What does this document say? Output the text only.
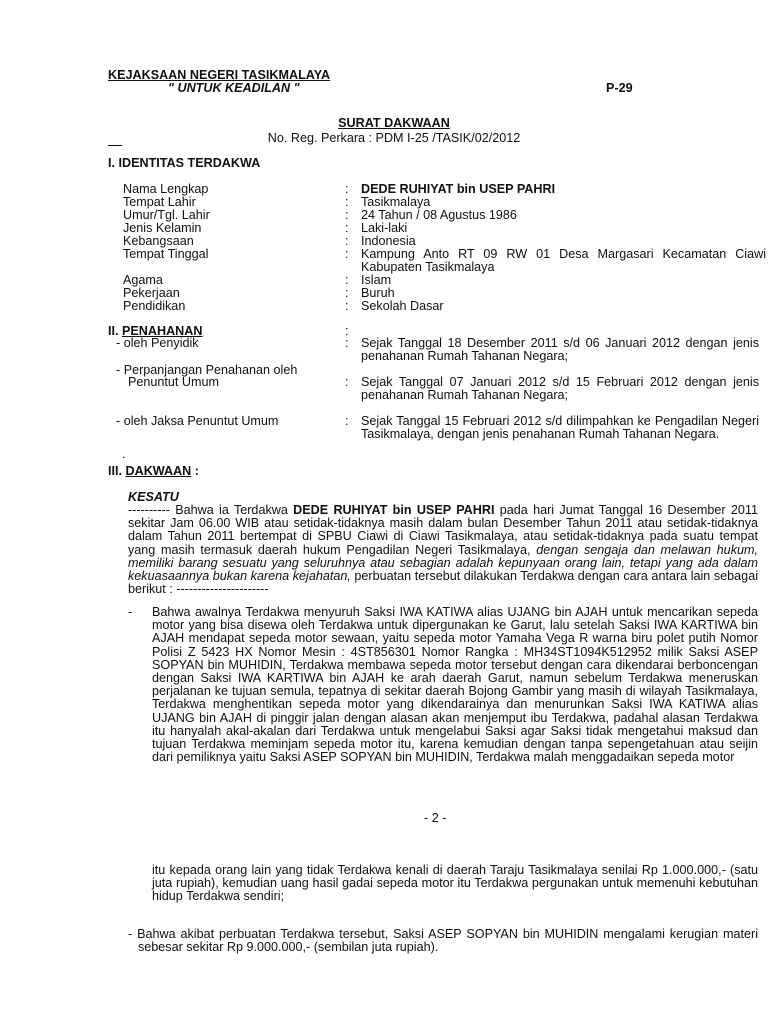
KEJAKSAAN NEGERI TASIKMALAYA
" UNTUK KEADILAN "	P-29
SURAT DAKWAAN
No. Reg. Perkara : PDM I-25 /TASIK/02/2012
I. IDENTITAS TERDAKWA
Nama Lengkap	: DEDE RUHIYAT bin USEP PAHRI
Tempat Lahir	: Tasikmalaya
Umur/Tgl. Lahir	: 24 Tahun / 08 Agustus 1986
Jenis Kelamin	: Laki-laki
Kebangsaan	: Indonesia
Tempat Tinggal	: Kampung Anto RT 09 RW 01 Desa Margasari Kecamatan Ciawi Kabupaten Tasikmalaya
Agama	: Islam
Pekerjaan	: Buruh
Pendidikan	: Sekolah Dasar
II. PENAHANAN	:
- oleh Penyidik	: Sejak Tanggal 18 Desember 2011 s/d 06 Januari 2012 dengan jenis penahanan Rumah Tahanan Negara;
- Perpanjangan Penahanan oleh
Penuntut Umum	: Sejak Tanggal 07 Januari 2012 s/d 15 Februari 2012 dengan jenis penahanan Rumah Tahanan Negara;
- oleh Jaksa Penuntut Umum	: Sejak Tanggal 15 Februari 2012 s/d dilimpahkan ke Pengadilan Negeri Tasikmalaya, dengan jenis penahanan Rumah Tahanan Negara.
.
III. DAKWAAN :
KESATU
---------- Bahwa ia Terdakwa DEDE RUHIYAT bin USEP PAHRI pada hari Jumat Tanggal 16 Desember 2011 sekitar Jam 06.00 WIB atau setidak-tidaknya masih dalam bulan Desember Tahun 2011 atau setidak-tidaknya dalam Tahun 2011 bertempat di SPBU Ciawi di Ciawi Tasikmalaya, atau setidak-tidaknya pada suatu tempat yang masih termasuk daerah hukum Pengadilan Negeri Tasikmalaya, dengan sengaja dan melawan hukum, memiliki barang sesuatu yang seluruhnya atau sebagian adalah kepunyaan orang lain, tetapi yang ada dalam kekuasaannya bukan karena kejahatan, perbuatan tersebut dilakukan Terdakwa dengan cara antara lain sebagai berikut : ----------------------
- Bahwa awalnya Terdakwa menyuruh Saksi IWA KATIWA alias UJANG bin AJAH untuk mencarikan sepeda motor yang bisa disewa oleh Terdakwa untuk dipergunakan ke Garut, lalu setelah Saksi IWA KARTIWA bin AJAH mendapat sepeda motor sewaan, yaitu sepeda motor Yamaha Vega R warna biru polet putih Nomor Polisi Z 5423 HX Nomor Mesin : 4ST856301 Nomor Rangka : MH34ST1094K512952 milik Saksi ASEP SOPYAN bin MUHIDIN, Terdakwa membawa sepeda motor tersebut dengan cara dikendarai berboncengan dengan Saksi IWA KARTIWA bin AJAH ke arah daerah Garut, namun sebelum Terdakwa meneruskan perjalanan ke tujuan semula, tepatnya di sekitar daerah Bojong Gambir yang masih di wilayah Tasikmalaya, Terdakwa menghentikan sepeda motor yang dikendarainya dan menurunkan Saksi IWA KATIWA alias UJANG bin AJAH di pinggir jalan dengan alasan akan menjemput ibu Terdakwa, padahal alasan Terdakwa itu hanyalah akal-akalan dari Terdakwa untuk mengelabui Saksi agar Saksi tidak mengetahui maksud dan tujuan Terdakwa meminjam sepeda motor itu, karena kemudian dengan tanpa sepengetahuan atau seijin dari pemiliknya yaitu Saksi ASEP SOPYAN bin MUHIDIN, Terdakwa malah menggadaikan sepeda motor
- 2 -
itu kepada orang lain yang tidak Terdakwa kenali di daerah Taraju Tasikmalaya senilai Rp 1.000.000,- (satu juta rupiah), kemudian uang hasil gadai sepeda motor itu Terdakwa pergunakan untuk memenuhi kebutuhan hidup Terdakwa sendiri;
- Bahwa akibat perbuatan Terdakwa tersebut, Saksi ASEP SOPYAN bin MUHIDIN mengalami kerugian materi sebesar sekitar Rp 9.000.000,- (sembilan juta rupiah).
